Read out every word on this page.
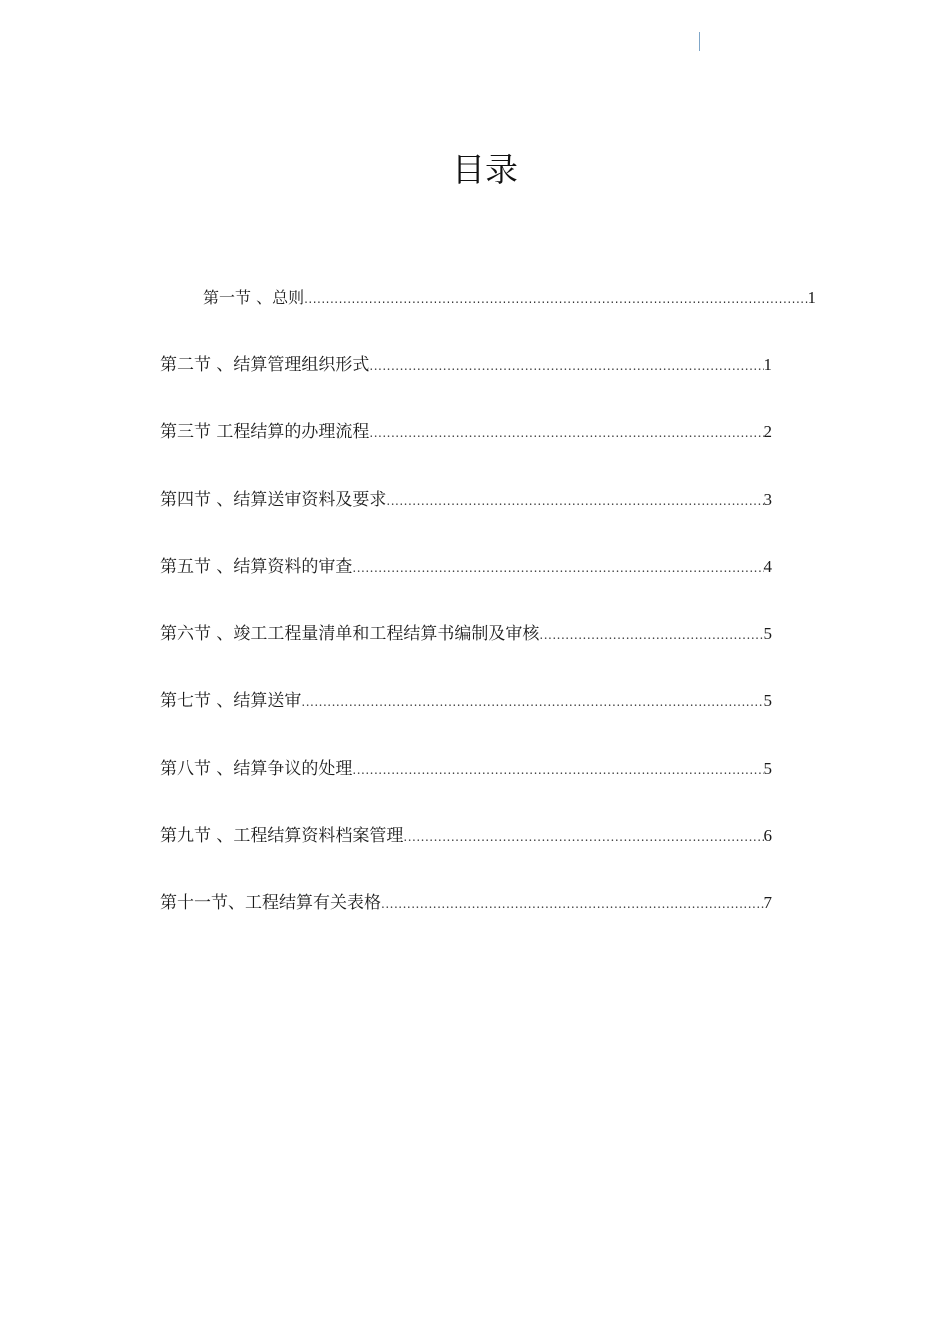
目录
第一节 、总则 .....	1
第二节 、结算管理组织形式 .....	1
第三节 工程结算的办理流程 .....	2
第四节 、结算送审资料及要求 .....	3
第五节 、结算资料的审查 .....	4
第六节 、竣工工程量清单和工程结算书编制及审核 .....	5
第七节 、结算送审 .....	5
第八节 、结算争议的处理 .....	5
第九节 、工程结算资料档案管理 .....	6
第十一节、工程结算有关表格 .....	7
